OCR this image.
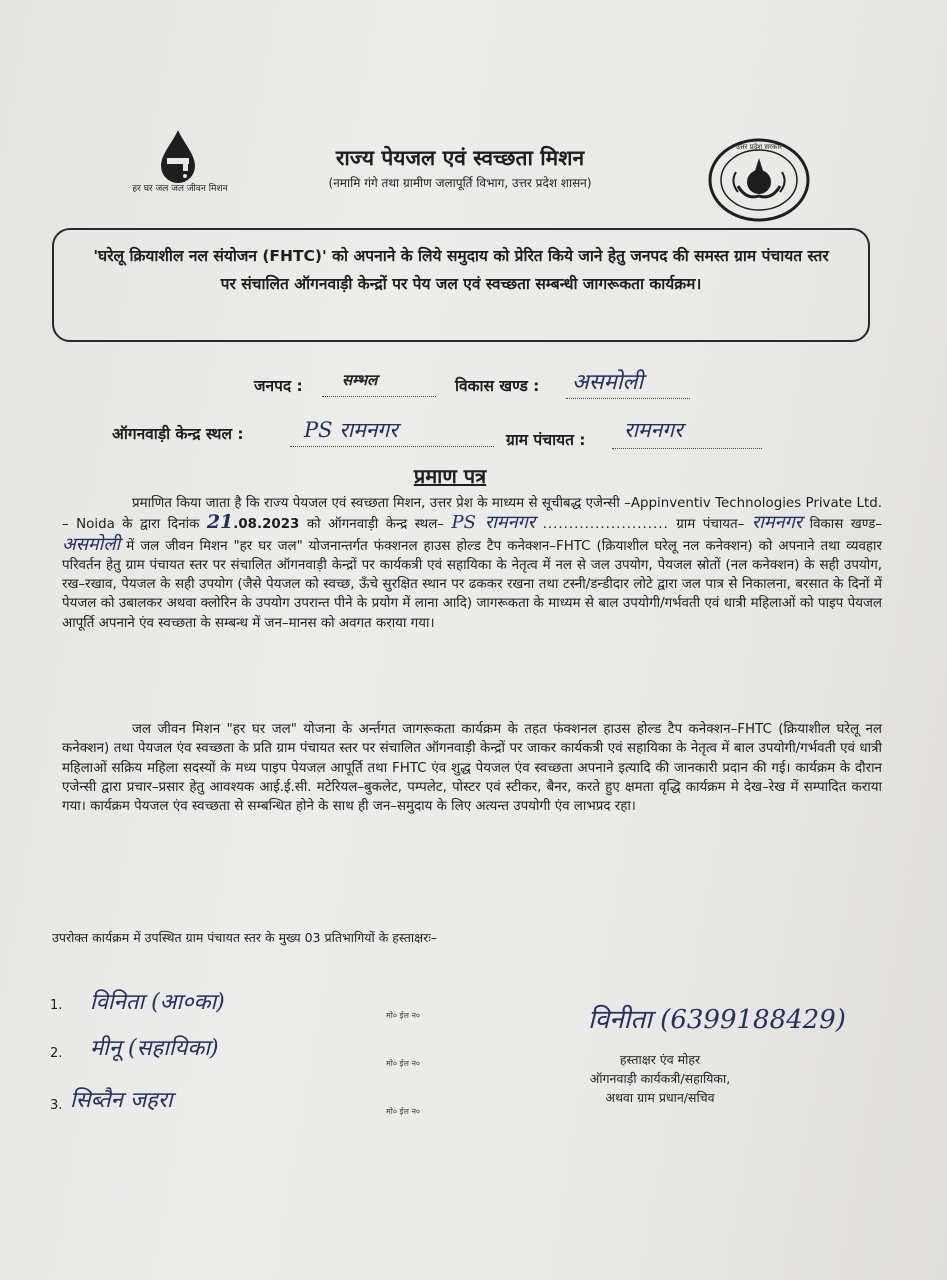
हर घर जल जल जीवन मिशन
राज्य पेयजल एवं स्वच्छता मिशन
(नमामि गंगे तथा ग्रामीण जलापूर्ति विभाग, उत्तर प्रदेश शासन)
उत्तर प्रदेश सरकार
'घरेलू क्रियाशील नल संयोजन (FHTC)' को अपनाने के लिये समुदाय को प्रेरित किये जाने हेतु जनपद की समस्त ग्राम पंचायत स्तर पर संचालित ऑगनवाड़ी केन्द्रों पर पेय जल एवं स्वच्छता सम्बन्धी जागरूकता कार्यक्रम।
जनपद :	सम्भल	विकास खण्ड : असमोली
ऑगनवाड़ी केन्द्र स्थल :	PS रामनगर	ग्राम पंचायत : रामनगर
प्रमाण पत्र
प्रमाणित किया जाता है कि राज्य पेयजल एवं स्वच्छता मिशन, उत्तर प्रेश के माध्यम से सूचीबद्ध एजेन्सी –Appinventiv Technologies Private Ltd. – Noida के द्वारा दिनांक 21.08.2023 को ऑगनवाड़ी केन्द्र स्थल– PS रामनगर ........................ ग्राम पंचायत– रामनगर विकास खण्ड– असमोली में जल जीवन मिशन "हर घर जल" योजनान्तर्गत फंक्शनल हाउस होल्ड टैप कनेक्शन–FHTC (क्रियाशील घरेलू नल कनेक्शन) को अपनाने तथा व्यवहार परिवर्तन हेतु ग्राम पंचायत स्तर पर संचालित ऑगनवाड़ी केन्द्रों पर कार्यकत्री एवं सहायिका के नेतृत्व में नल से जल उपयोग, पेयजल स्रोतों (नल कनेक्शन) के सही उपयोग, रख–रखाव, पेयजल के सही उपयोग (जैसे पेयजल को स्वच्छ, ऊँचे सुरक्षित स्थान पर ढककर रखना तथा टस्नी/डन्डीदार लोटे द्वारा जल पात्र से निकालना, बरसात के दिनों में पेयजल को उबालकर अथवा क्लोरिन के उपयोग उपरान्त पीने के प्रयोग में लाना आदि) जागरूकता के माध्यम से बाल उपयोगी/गर्भवती एवं धात्री महिलाओं को पाइप पेयजल आपूर्ति अपनाने एंव स्वच्छता के सम्बन्ध में जन–मानस को अवगत कराया गया।
जल जीवन मिशन "हर घर जल" योजना के अर्न्तगत जागरूकता कार्यक्रम के तहत फंक्शनल हाउस होल्ड टैप कनेक्शन–FHTC (क्रियाशील घरेलू नल कनेक्शन) तथा पेयजल एंव स्वच्छता के प्रति ग्राम पंचायत स्तर पर संचालित ऑगनवाड़ी केन्द्रों पर जाकर कार्यकत्री एवं सहायिका के नेतृत्व में बाल उपयोगी/गर्भवती एवं धात्री महिलाओं सक्रिय महिला सदस्यों के मध्य पाइप पेयजल आपूर्ति तथा FHTC एंव शुद्ध पेयजल एंव स्वच्छता अपनाने इत्यादि की जानकारी प्रदान की गई। कार्यक्रम के दौरान एजेन्सी द्वारा प्रचार–प्रसार हेतु आवश्यक आई.ई.सी. मटेरियल–बुकलेट, पम्पलेट, पोस्टर एवं स्टीकर, बैनर, करते हुए क्षमता वृद्धि कार्यक्रम मे देख–रेख में सम्पादित कराया गया। कार्यक्रम पेयजल एंव स्वच्छता से सम्बन्धित होने के साथ ही जन–समुदाय के लिए अत्यन्त उपयोगी एंव लाभप्रद रहा।
उपरोक्त कार्यक्रम में उपस्थित ग्राम पंचायत स्तर के मुख्य 03 प्रतिभागियों के हस्ताक्षरः–
1. विनिता (आ०का)
मो० ईल न०
2. मीनू (सहायिका)
मो० ईल न०
3. सिब्तैन जहरा	मो० ईल न०
विनीता (6399188429)
हस्ताक्षर एंव मोहर
ऑगनवाड़ी कार्यकत्री/सहायिका,
अथवा ग्राम प्रधान/सचिव
